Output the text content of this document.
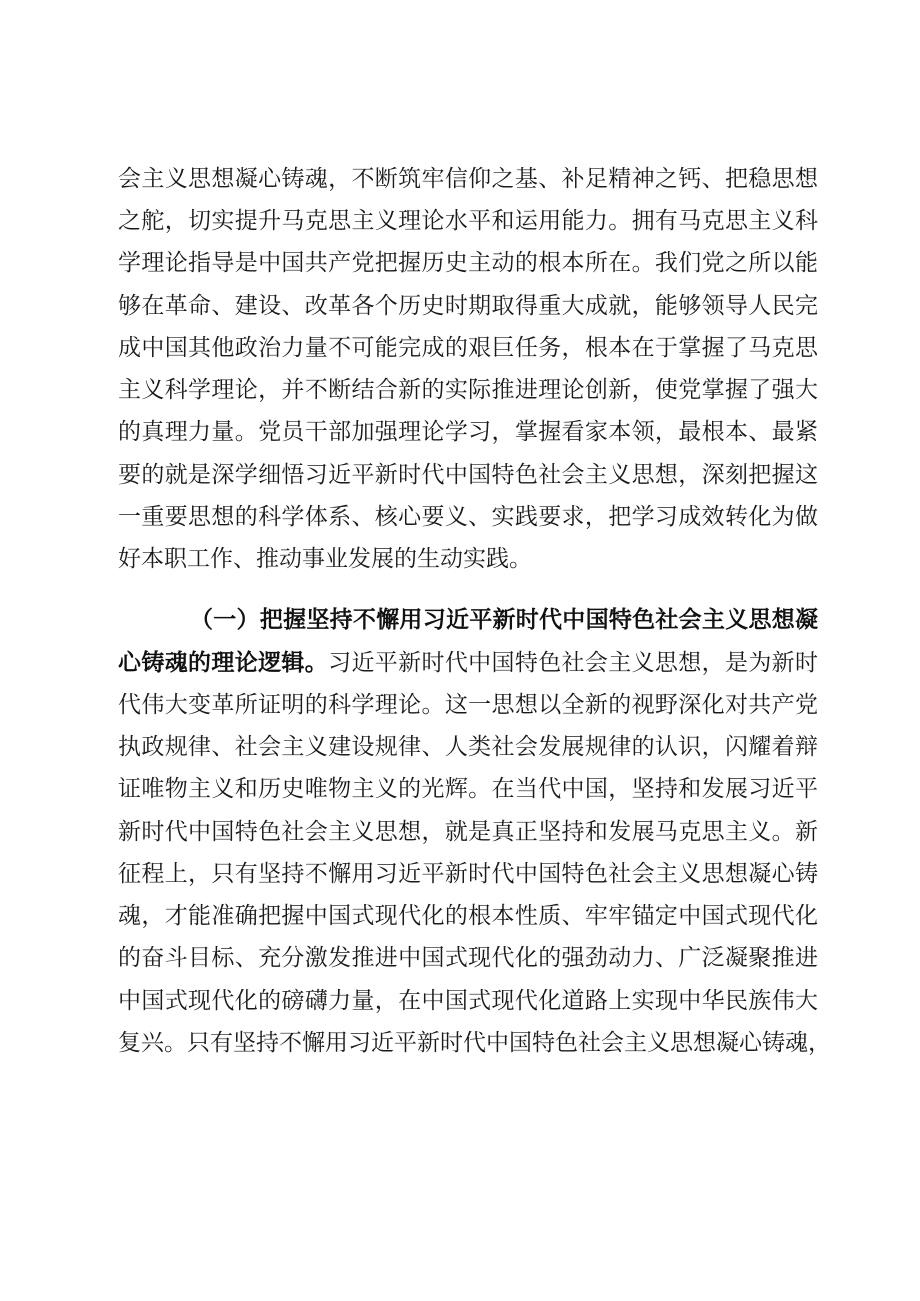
会主义思想凝心铸魂，不断筑牢信仰之基、补足精神之钙、把稳思想
之舵，切实提升马克思主义理论水平和运用能力。拥有马克思主义科
学理论指导是中国共产党把握历史主动的根本所在。我们党之所以能
够在革命、建设、改革各个历史时期取得重大成就，能够领导人民完
成中国其他政治力量不可能完成的艰巨任务，根本在于掌握了马克思
主义科学理论，并不断结合新的实际推进理论创新，使党掌握了强大
的真理力量。党员干部加强理论学习，掌握看家本领，最根本、最紧
要的就是深学细悟习近平新时代中国特色社会主义思想，深刻把握这
一重要思想的科学体系、核心要义、实践要求，把学习成效转化为做
好本职工作、推动事业发展的生动实践。
（一）把握坚持不懈用习近平新时代中国特色社会主义思想凝
心铸魂的理论逻辑。习近平新时代中国特色社会主义思想，是为新时
代伟大变革所证明的科学理论。这一思想以全新的视野深化对共产党
执政规律、社会主义建设规律、人类社会发展规律的认识，闪耀着辩
证唯物主义和历史唯物主义的光辉。在当代中国，坚持和发展习近平
新时代中国特色社会主义思想，就是真正坚持和发展马克思主义。新
征程上，只有坚持不懈用习近平新时代中国特色社会主义思想凝心铸
魂，才能准确把握中国式现代化的根本性质、牢牢锚定中国式现代化
的奋斗目标、充分激发推进中国式现代化的强劲动力、广泛凝聚推进
中国式现代化的磅礴力量，在中国式现代化道路上实现中华民族伟大
复兴。只有坚持不懈用习近平新时代中国特色社会主义思想凝心铸魂，
